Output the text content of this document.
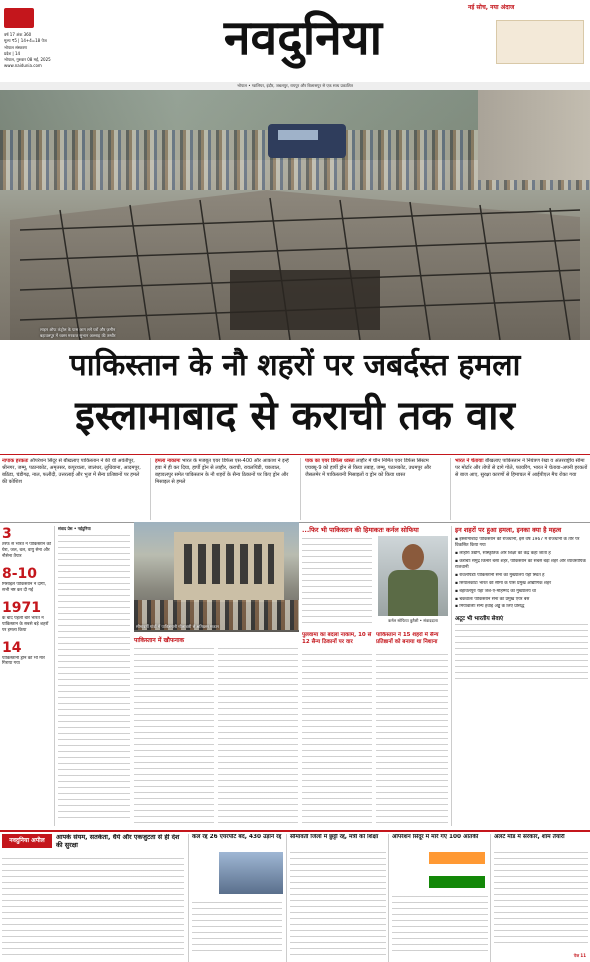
नई सोच, नया अंदाज
वर्ष 17 अंक 360
मूल्य ₹5 | 14+4=18 पेज
भोपाल संस्करण
प्रदेश | 14
भोपाल, गुरुवार 08 मई, 2025
www.naidunia.com	नवदुनिया
भोपाल • ग्वालियर, इंदौर, जबलपुर, रायपुर और बिलासपुर से एक साथ प्रकाशित
लाइन ऑफ कंट्रोल के पास आग लगे घरों और ज़मीन
बहावलपुर में ध्वस्त मरकज सुभान अल्लाह की तस्वीर
पाकिस्तान के नौ शहरों पर जबर्दस्त हमला
इस्लामाबाद से कराची तक वार
नापाक हरकतः ऑपरेशन सिंदूर से बौखलाए पाकिस्तान ने की थी अवंतीपुर, श्रीनगर, जम्मू, पठानकोट, अमृतसर, कपूरथला, जालंधर, लुधियाना, आदमपुर, बठिंडा, चंडीगढ़, नाल, फलौदी, उत्तरलाई और भुज में सैन्य प्रतिष्ठानों पर हमले की कोशिश
हमला नाकामः भारत के मजबूत एयर डिफेंस एस-400 और आकाश ने इन्हें हवा में ही कर दिया, हार्पी ड्रोन से लाहौर, कराची, रावलपिंडी, चकवाल, बहावलपुर समेत पाकिस्तान के नौ शहरों के सैन्य ठिकानों पर किए ड्रोन और मिसाइल से हमले
पाक का एयर डिफेंस ध्वस्तः लाहौर में चीन निर्मित एयर डिफेंस सिस्टम एचक्यू-9 को हार्पी ड्रोन से किया तबाह, जम्मू, पठानकोट, उधमपुर और जैसलमेर में पाकिस्तानी मिसाइलों व ड्रोन को किया ध्वस्त
भारत ने चेतायाः बौखलाए पाकिस्तान ने नियंत्रण रेखा व अंतरराष्ट्रीय सीमा पर मोर्टार और तोपों से दागे गोले, फायरिंग, भारत ने चेताया-अपनी हरकतों से बाज आए, सुरक्षा कारणों से हिमाचल में आईपीएल मैच रोका गया
3
तरफ से भारत ने पाकिस्तान को घेरा, जल, थल, वायु सेना और नौसेना तैयार
8-10
मिसाइलें पाकिस्तान ने दागी, सभी नष्ट कर दी गई
1971
के बाद पहली बार भारत ने पाकिस्तान के सबसे बड़े शहरों पर हमला किया
14
पाकिस्तानी ड्रोन को भी मार गिराया गया
संवाद प्रेस • नईदुनिया
सीमावर्ती गांवों में पाकिस्तानी गोलाबारी से क्षतिग्रस्त मकान
...फिर भी पाकिस्तान की हिमाकतः कर्नल सोफिया
कर्नल सोफिया कुरैशी • संवाददाता
पाकिस्तान में खौफनाक
पुलवामा का बदला नाकाम, 10 से 12 सैन्य ठिकानों पर वार
पाकिस्तान ने 15 शहरों में सैन्य प्रतिष्ठानों को बनाया था निशाना
इन शहरों पर हुआ हमला, इनका क्या है महत्व
▪ इस्लामाबादः पाकिस्तान की राजधानी, इसे वर्ष 1967 में राजधानी के तौर पर विकसित किया गया
▪ लाहौरः उद्योग, सांस्कृतिक और शिक्षा का केंद्र कहा जाता है
▪ कराचीः समुद्र किनारे बसा शहर, पाकिस्तान का सबसे बड़ा शहर और व्यावसायिक राजधानी
▪ रावलपिंडीः पाकिस्तानी सेना का मुख्यालय यहीं स्थित है
▪ सियालकोटः भारत की सीमा के पास प्रमुख औद्योगिक शहर
▪ बहावलपुरः यहां जैश-ए-मोहम्मद का मुख्यालय था
▪ चकवालः पाकिस्तान सेना का प्रमुख एयर बेस
▪ मियांवालीः सैन्य हवाई अड्डे के लिए प्रसिद्ध
अटूट भी भारतीय सेवाएं
नवदुनिया अपील	आपके संयम, सतर्कता, धैर्य और एकजुटता से ही देश की सुरक्षा
कल रद्द 26 एयरपोर्ट बंद, 430 उड़ानें रद्द	सीमावर्ती जिलों में छुट्टी रद्द, मंत्री को शिक्षा	ऑपरेशन सिंदूर में मारे गए 100 आतंकी	अलर्ट मोड में सरकार, शाम तैयारी
पेज 11
